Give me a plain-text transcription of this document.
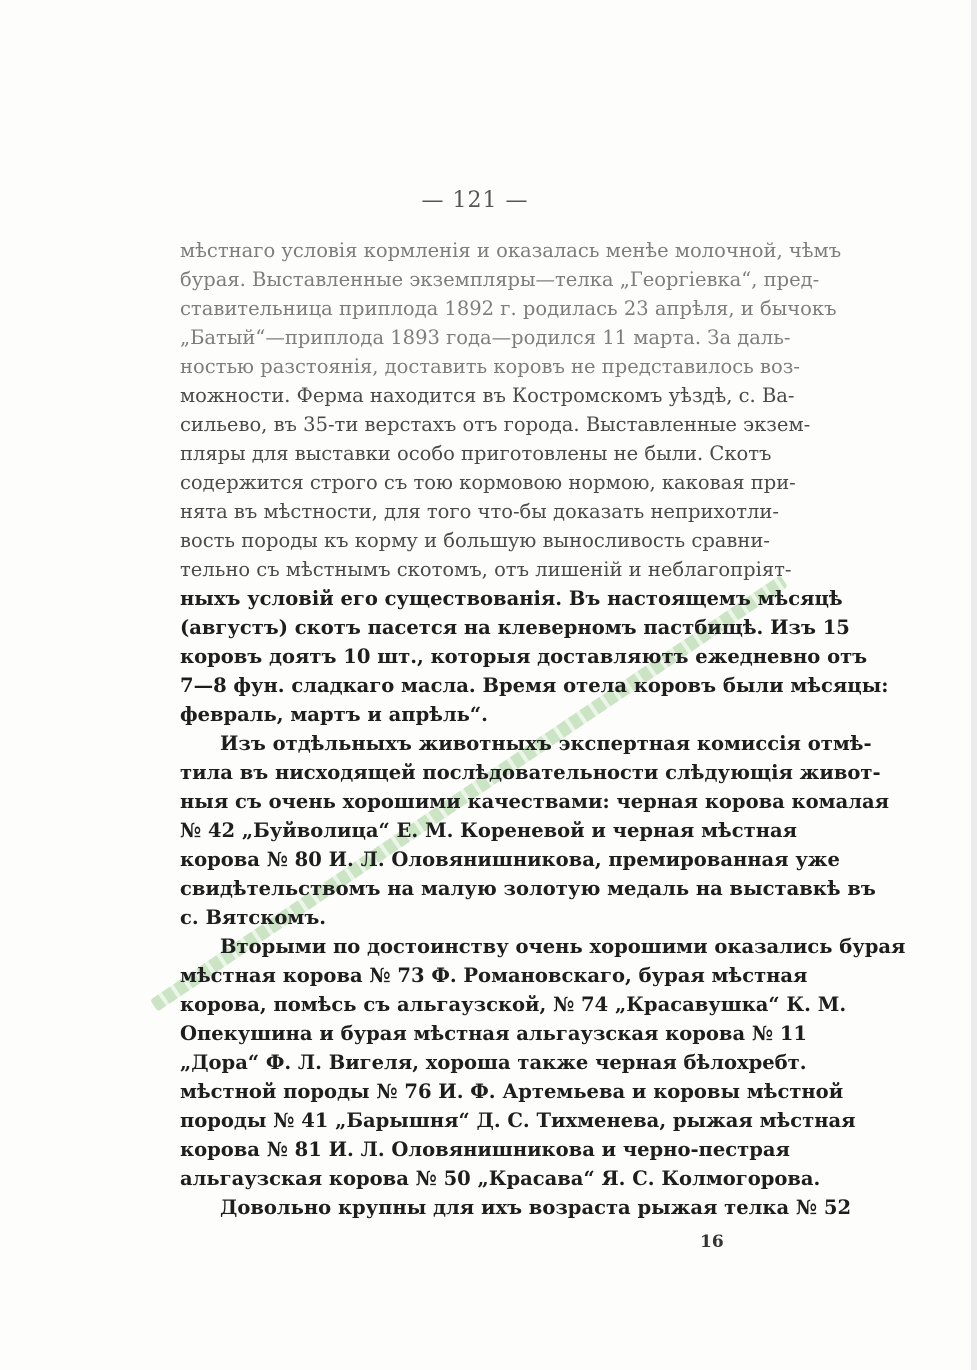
— 121 —
мѣстнаго условія кормленія и оказалась менѣе молочной, чѣмъ
бурая. Выставленные экземпляры—телка „Георгіевка“, пред-
ставительница приплода 1892 г. родилась 23 апрѣля, и бычокъ
„Батый“—приплода 1893 года—родился 11 марта. За даль-
ностью разстоянія, доставить коровъ не представилось воз-
можности. Ферма находится въ Костромскомъ уѣздѣ, с. Ва-
сильево, въ 35-ти верстахъ отъ города. Выставленные экзем-
пляры для выставки особо приготовлены не были. Скотъ
содержится строго съ тою кормовою нормою, каковая при-
нята въ мѣстности, для того что-бы доказать неприхотли-
вость породы къ корму и большую выносливость сравни-
тельно съ мѣстнымъ скотомъ, отъ лишеній и неблагопріят-
ныхъ условій его существованія. Въ настоящемъ мѣсяцѣ
(августъ) скотъ пасется на клеверномъ пастбищѣ. Изъ 15
коровъ доятъ 10 шт., которыя доставляютъ ежедневно отъ
7—8 фун. сладкаго масла. Время отела коровъ были мѣсяцы:
февраль, мартъ и апрѣль“.
Изъ отдѣльныхъ животныхъ экспертная комиссія отмѣ-
тила въ нисходящей послѣдовательности слѣдующія живот-
ныя съ очень хорошими качествами: черная корова комалая
№ 42 „Буйволица“ Е. М. Кореневой и черная мѣстная
корова № 80 И. Л. Оловянишникова, премированная уже
свидѣтельствомъ на малую золотую медаль на выставкѣ въ
с. Вятскомъ.
Вторыми по достоинству очень хорошими оказались бурая
мѣстная корова № 73 Ф. Романовскаго, бурая мѣстная
корова, помѣсь съ альгаузской, № 74 „Красавушка“ К. М.
Опекушина и бурая мѣстная альгаузская корова № 11
„Дора“ Ф. Л. Вигеля, хороша также черная бѣлохребт.
мѣстной породы № 76 И. Ф. Артемьева и коровы мѣстной
породы № 41 „Барышня“ Д. С. Тихменева, рыжая мѣстная
корова № 81 И. Л. Оловянишникова и черно-пестрая
альгаузская корова № 50 „Красава“ Я. С. Колмогорова.
Довольно крупны для ихъ возраста рыжая телка № 52
16
